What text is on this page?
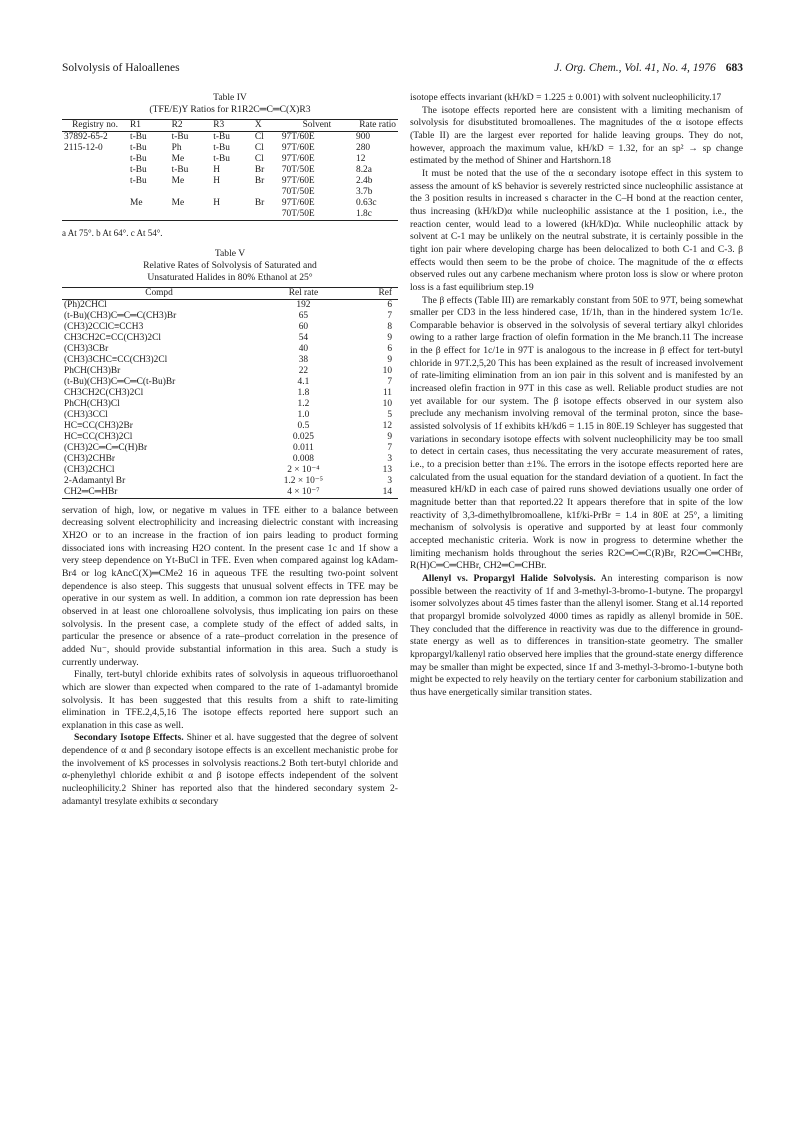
Solvolysis of Haloallenes	J. Org. Chem., Vol. 41, No. 4, 1976 683
Table IV
(TFE/E)Y Ratios for R1R2C═C═C(X)R3
Registry no.	R1	R2	R3	X	Solvent	Rate ratio
37892-65-2	t-Bu	t-Bu	t-Bu	Cl	97T/60E	900
2115-12-0	t-Bu	Ph	t-Bu	Cl	97T/60E	280
	t-Bu	Me	t-Bu	Cl	97T/60E	12
	t-Bu	t-Bu	H	Br	70T/50E	8.2a
	t-Bu	Me	H	Br	97T/60E	2.4b
					70T/50E	3.7b
	Me	Me	H	Br	97T/60E	0.63c
					70T/50E	1.8c
a At 75°. b At 64°. c At 54°.
Table V
Relative Rates of Solvolysis of Saturated and
Unsaturated Halides in 80% Ethanol at 25°
Compd	Rel rate	Ref
(Ph)2CHCl	192	6
(t-Bu)(CH3)C═C═C(CH3)Br	65	7
(CH3)2CClC≡CCH3	60	8
CH3CH2C≡CC(CH3)2Cl	54	9
(CH3)3CBr	40	6
(CH3)3CHC≡CC(CH3)2Cl	38	9
PhCH(CH3)Br	22	10
(t-Bu)(CH3)C═C═C(t-Bu)Br	4.1	7
CH3CH2C(CH3)2Cl	1.8	11
PhCH(CH3)Cl	1.2	10
(CH3)3CCl	1.0	5
HC≡CC(CH3)2Br	0.5	12
HC≡CC(CH3)2Cl	0.025	9
(CH3)2C═C═C(H)Br	0.011	7
(CH3)2CHBr	0.008	3
(CH3)2CHCl	2 × 10⁻⁴	13
2-Adamantyl Br	1.2 × 10⁻⁵	3
CH2═C═HBr	4 × 10⁻⁷	14

servation of high, low, or negative m values in TFE either to a balance between decreasing solvent electrophilicity and increasing dielectric constant with increasing XH2O or to an increase in the fraction of ion pairs leading to product forming dissociated ions with increasing H2O content. In the present case 1c and 1f show a very steep dependence on Yt-BuCl in TFE. Even when compared against log kAdam-Br4 or log kAncC(X)═CMe2 16 in aqueous TFE the resulting two-point solvent dependence is also steep. This suggests that unusual solvent effects in TFE may be operative in our system as well. In addition, a common ion rate depression has been observed in at least one chloroallene solvolysis, thus implicating ion pairs on these solvolysis. In the present case, a complete study of the effect of added salts, in particular the presence or absence of a rate–product correlation in the presence of added Nu⁻, should provide substantial information in this area. Such a study is currently underway.

Finally, tert-butyl chloride exhibits rates of solvolysis in aqueous trifluoroethanol which are slower than expected when compared to the rate of 1-adamantyl bromide solvolysis. It has been suggested that this results from a shift to rate-limiting elimination in TFE.2,4,5,16 The isotope effects reported here support such an explanation in this case as well.

Secondary Isotope Effects. Shiner et al. have suggested that the degree of solvent dependence of α and β secondary isotope effects is an excellent mechanistic probe for the involvement of kS processes in solvolysis reactions.2 Both tert-butyl chloride and α-phenylethyl chloride exhibit α and β isotope effects independent of the solvent nucleophilicity.2 Shiner has reported also that the hindered secondary system 2-adamantyl tresylate exhibits α secondary

isotope effects invariant (kH/kD = 1.225 ± 0.001) with solvent nucleophilicity.17

The isotope effects reported here are consistent with a limiting mechanism of solvolysis for disubstituted bromoallenes. The magnitudes of the α isotope effects (Table II) are the largest ever reported for halide leaving groups. They do not, however, approach the maximum value, kH/kD = 1.32, for an sp² → sp change estimated by the method of Shiner and Hartshorn.18

It must be noted that the use of the α secondary isotope effect in this system to assess the amount of kS behavior is severely restricted since nucleophilic assistance at the 3 position results in increased s character in the C–H bond at the reaction center, thus increasing (kH/kD)α while nucleophilic assistance at the 1 position, i.e., the reaction center, would lead to a lowered (kH/kD)α. While nucleophilic attack by solvent at C-1 may be unlikely on the neutral substrate, it is certainly possible in the tight ion pair where developing charge has been delocalized to both C-1 and C-3. β effects would then seem to be the probe of choice. The magnitude of the α effects observed rules out any carbene mechanism where proton loss is slow or where proton loss is a fast equilibrium step.19

The β effects (Table III) are remarkably constant from 50E to 97T, being somewhat smaller per CD3 in the less hindered case, 1f/1h, than in the hindered system 1c/1e. Comparable behavior is observed in the solvolysis of several tertiary alkyl chlorides owing to a rather large fraction of olefin formation in the Me branch.11 The increase in the β effect for 1c/1e in 97T is analogous to the increase in β effect for tert-butyl chloride in 97T.2,5,20 This has been explained as the result of increased involvement of rate-limiting elimination from an ion pair in this solvent and is manifested by an increased olefin fraction in 97T in this case as well. Reliable product studies are not yet available for our system. The β isotope effects observed in our system also preclude any mechanism involving removal of the terminal proton, since the base-assisted solvolysis of 1f exhibits kH/kd6 = 1.15 in 80E.19 Schleyer has suggested that variations in secondary isotope effects with solvent nucleophilicity may be too small to detect in certain cases, thus necessitating the very accurate measurement of rates, i.e., to a precision better than ±1%. The errors in the isotope effects reported here are calculated from the usual equation for the standard deviation of a quotient. In fact the measured kH/kD in each case of paired runs showed deviations usually one order of magnitude better than that reported.22 It appears therefore that in spite of the low reactivity of 3,3-dimethylbromoallene, k1f/ki-PrBr = 1.4 in 80E at 25°, a limiting mechanism of solvolysis is operative and supported by at least four commonly accepted mechanistic criteria. Work is now in progress to determine whether the limiting mechanism holds throughout the series R2C═C═C(R)Br, R2C═C═CHBr, R(H)C═C═CHBr, CH2═C═CHBr.

Allenyl vs. Propargyl Halide Solvolysis. An interesting comparison is now possible between the reactivity of 1f and 3-methyl-3-bromo-1-butyne. The propargyl isomer solvolyzes about 45 times faster than the allenyl isomer. Stang et al.14 reported that propargyl bromide solvolyzed 4000 times as rapidly as allenyl bromide in 50E. They concluded that the difference in reactivity was due to the difference in ground-state energy as well as to differences in transition-state geometry. The smaller kpropargyl/kallenyl ratio observed here implies that the ground-state energy difference may be smaller than might be expected, since 1f and 3-methyl-3-bromo-1-butyne both might be expected to rely heavily on the tertiary center for carbonium stabilization and thus have energetically similar transition states.
